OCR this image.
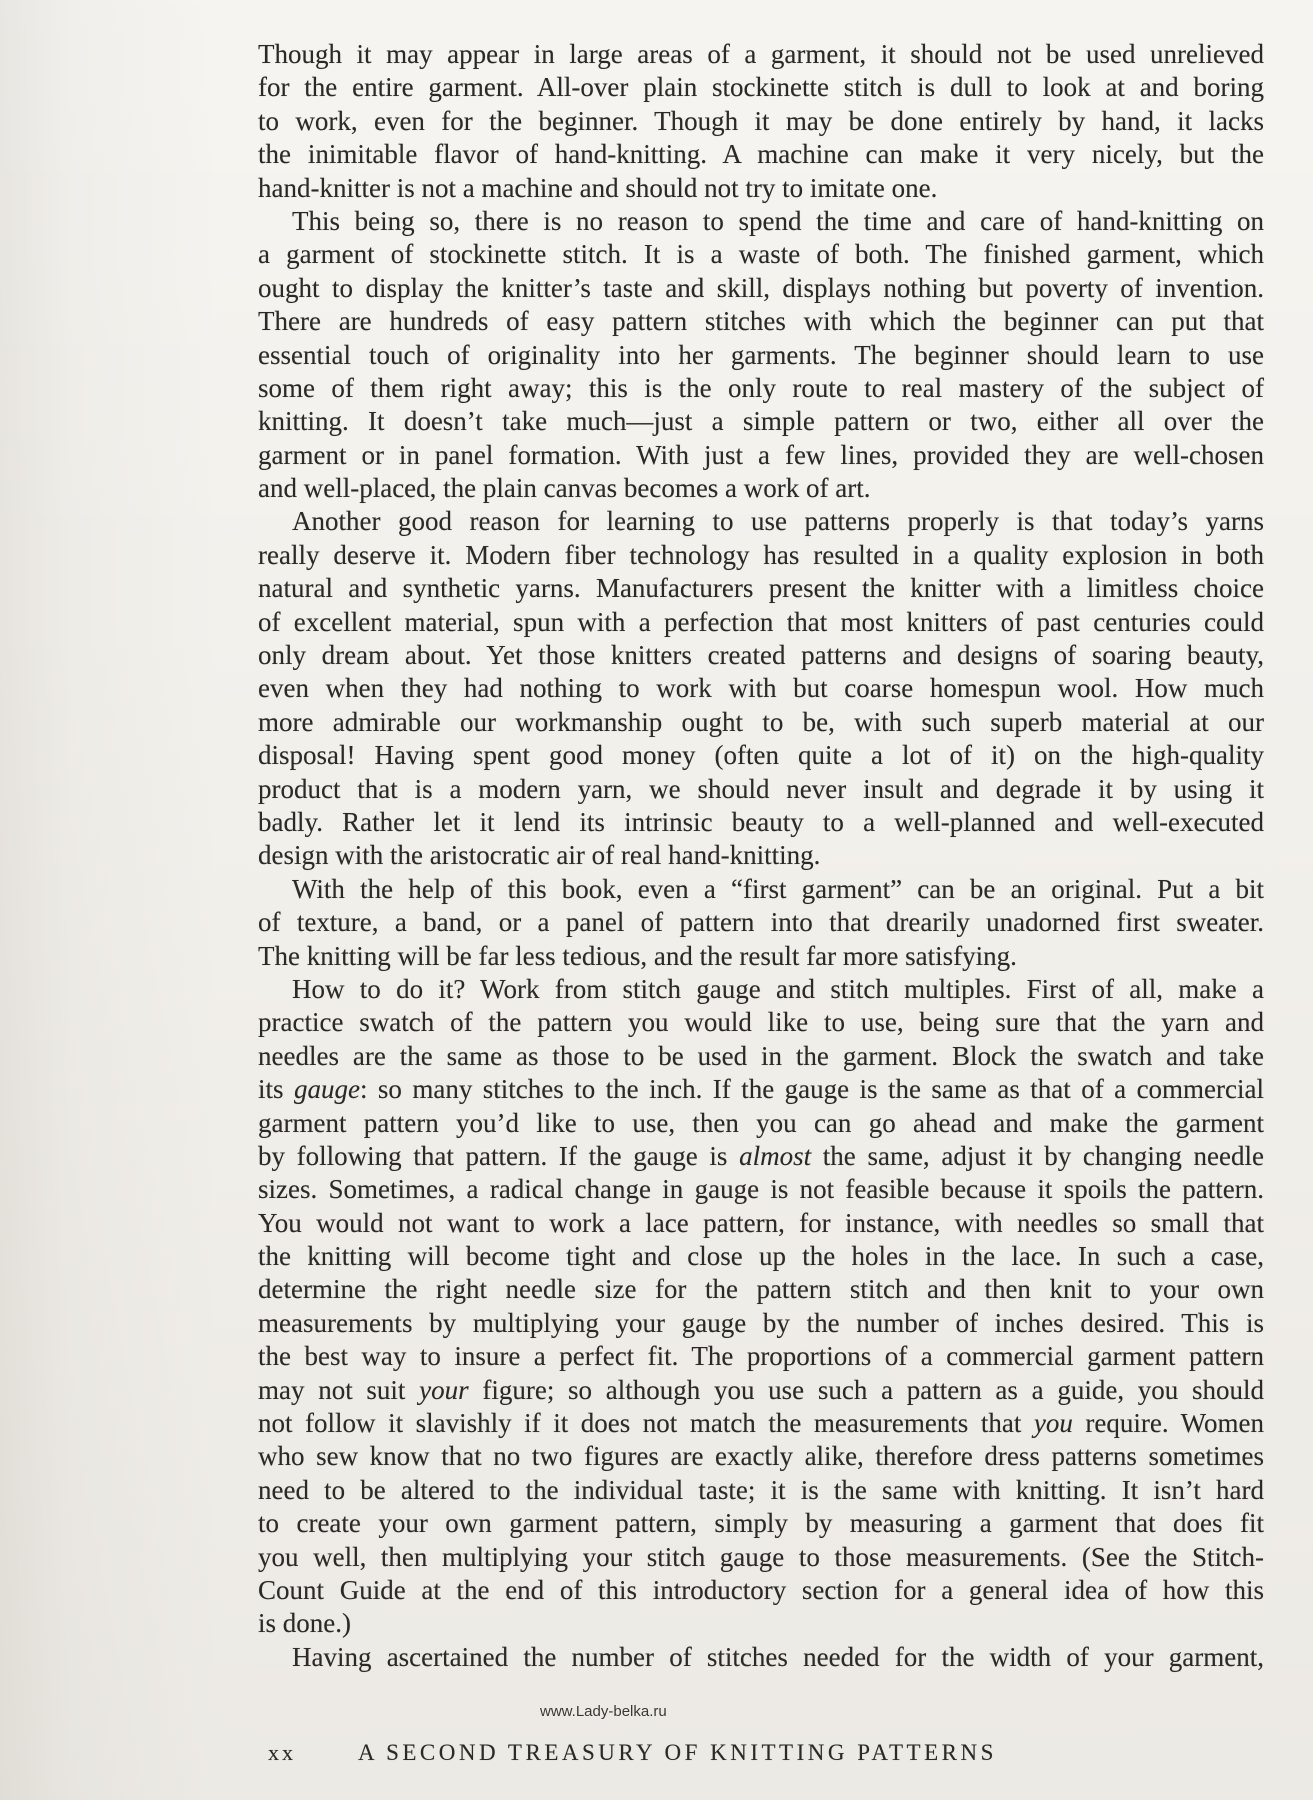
Though it may appear in large areas of a garment, it should not be used unrelieved
for the entire garment. All-over plain stockinette stitch is dull to look at and boring
to work, even for the beginner. Though it may be done entirely by hand, it lacks
the inimitable flavor of hand-knitting. A machine can make it very nicely, but the
hand-knitter is not a machine and should not try to imitate one.
This being so, there is no reason to spend the time and care of hand-knitting on
a garment of stockinette stitch. It is a waste of both. The finished garment, which
ought to display the knitter’s taste and skill, displays nothing but poverty of invention.
There are hundreds of easy pattern stitches with which the beginner can put that
essential touch of originality into her garments. The beginner should learn to use
some of them right away; this is the only route to real mastery of the subject of
knitting. It doesn’t take much—just a simple pattern or two, either all over the
garment or in panel formation. With just a few lines, provided they are well-chosen
and well-placed, the plain canvas becomes a work of art.
Another good reason for learning to use patterns properly is that today’s yarns
really deserve it. Modern fiber technology has resulted in a quality explosion in both
natural and synthetic yarns. Manufacturers present the knitter with a limitless choice
of excellent material, spun with a perfection that most knitters of past centuries could
only dream about. Yet those knitters created patterns and designs of soaring beauty,
even when they had nothing to work with but coarse homespun wool. How much
more admirable our workmanship ought to be, with such superb material at our
disposal! Having spent good money (often quite a lot of it) on the high-quality
product that is a modern yarn, we should never insult and degrade it by using it
badly. Rather let it lend its intrinsic beauty to a well-planned and well-executed
design with the aristocratic air of real hand-knitting.
With the help of this book, even a “first garment” can be an original. Put a bit
of texture, a band, or a panel of pattern into that drearily unadorned first sweater.
The knitting will be far less tedious, and the result far more satisfying.
How to do it? Work from stitch gauge and stitch multiples. First of all, make a
practice swatch of the pattern you would like to use, being sure that the yarn and
needles are the same as those to be used in the garment. Block the swatch and take
its gauge: so many stitches to the inch. If the gauge is the same as that of a commercial
garment pattern you’d like to use, then you can go ahead and make the garment
by following that pattern. If the gauge is almost the same, adjust it by changing needle
sizes. Sometimes, a radical change in gauge is not feasible because it spoils the pattern.
You would not want to work a lace pattern, for instance, with needles so small that
the knitting will become tight and close up the holes in the lace. In such a case,
determine the right needle size for the pattern stitch and then knit to your own
measurements by multiplying your gauge by the number of inches desired. This is
the best way to insure a perfect fit. The proportions of a commercial garment pattern
may not suit your figure; so although you use such a pattern as a guide, you should
not follow it slavishly if it does not match the measurements that you require. Women
who sew know that no two figures are exactly alike, therefore dress patterns sometimes
need to be altered to the individual taste; it is the same with knitting. It isn’t hard
to create your own garment pattern, simply by measuring a garment that does fit
you well, then multiplying your stitch gauge to those measurements. (See the Stitch-
Count Guide at the end of this introductory section for a general idea of how this
is done.)
Having ascertained the number of stitches needed for the width of your garment,
www.Lady-belka.ru
xx	A SECOND TREASURY OF KNITTING PATTERNS
